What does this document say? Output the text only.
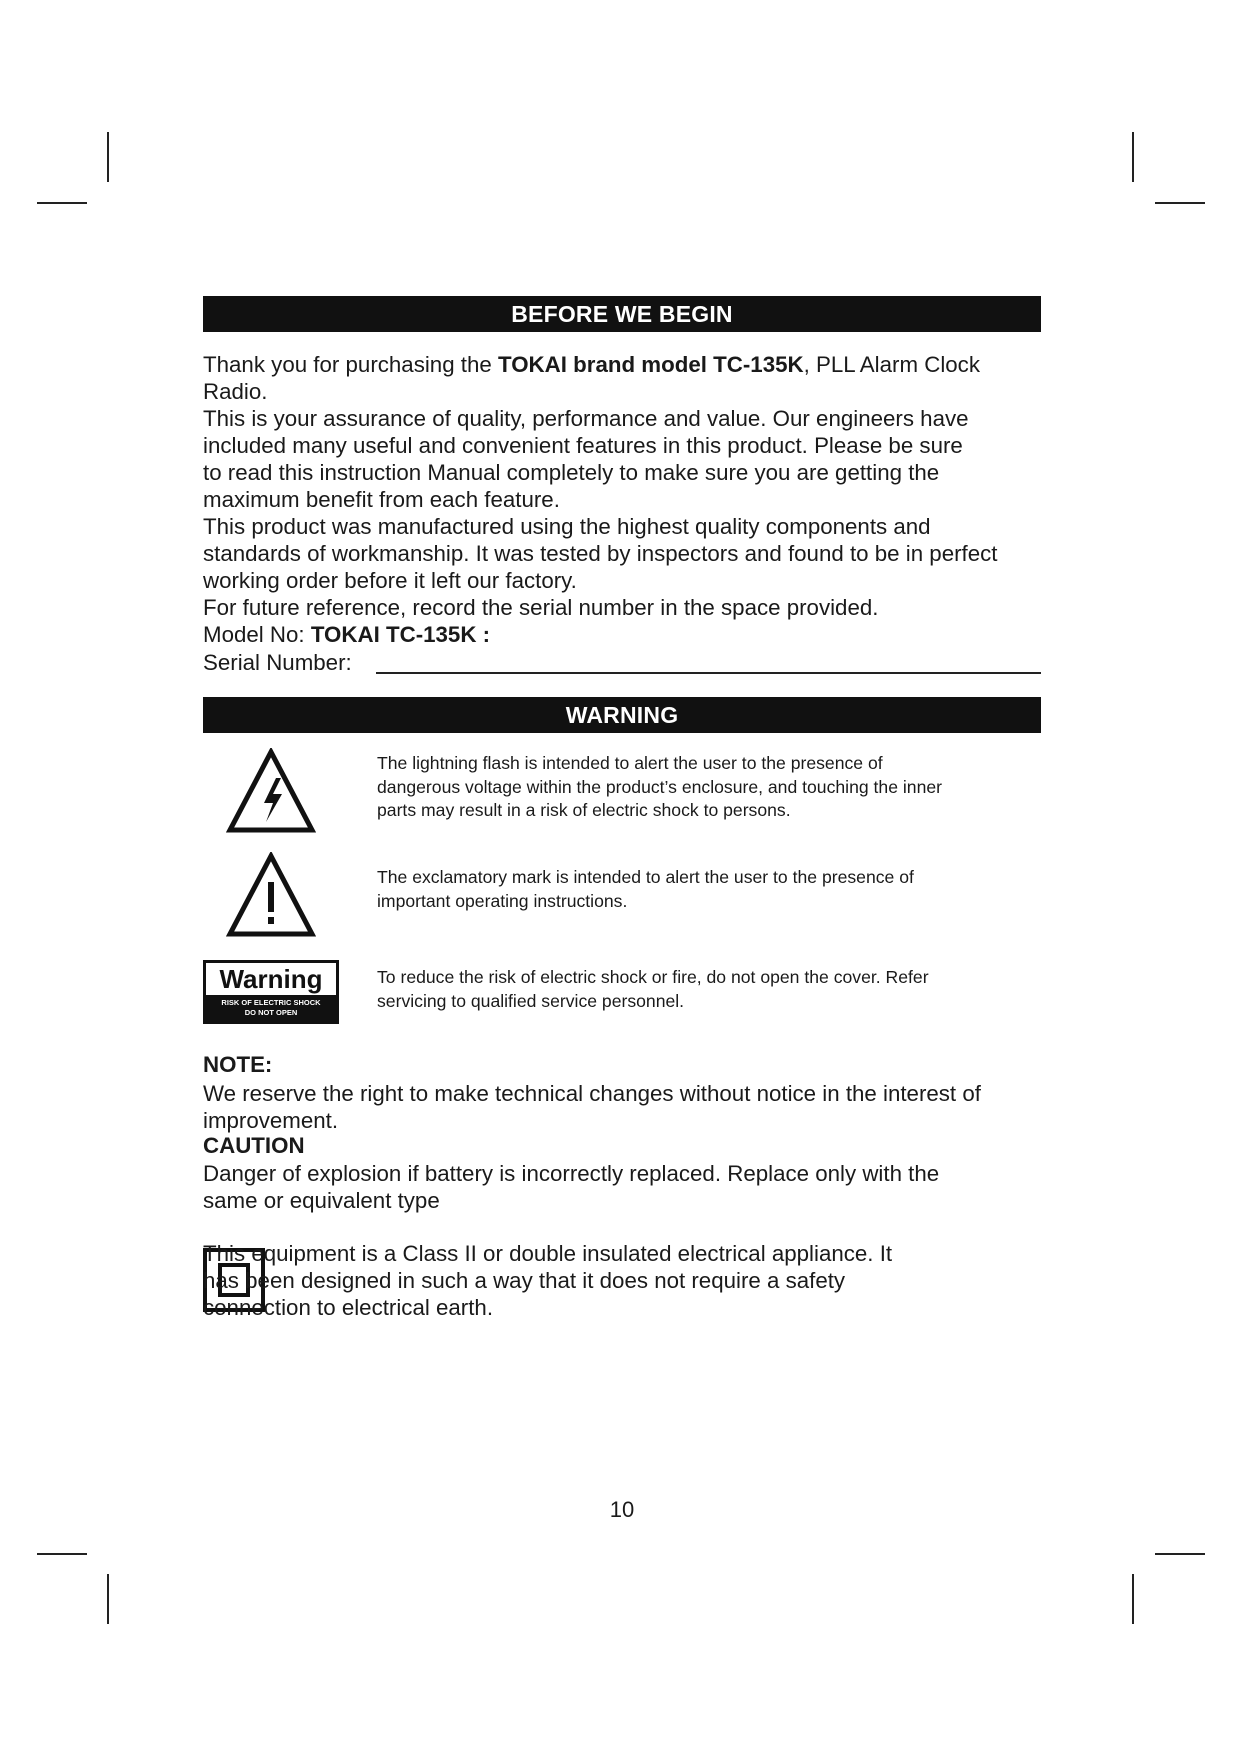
BEFORE WE BEGIN
Thank you for purchasing the TOKAI brand model TC-135K, PLL Alarm Clock
Radio.
This is your assurance of quality, performance and value. Our engineers have
included many useful and convenient features in this product. Please be sure
to read this instruction Manual completely to make sure you are getting the
maximum benefit from each feature.
This product was manufactured using the highest quality components and
standards of workmanship. It was tested by inspectors and found to be in perfect
working order before it left our factory.
For future reference, record the serial number in the space provided.
Model No: TOKAI TC-135K :
Serial Number:
WARNING
The lightning flash is intended to alert the user to the presence of
dangerous voltage within the product’s enclosure, and touching the inner
parts may result in a risk of electric shock to persons.
The exclamatory mark is intended to alert the user to the presence of
important operating instructions.
Warning
RISK OF ELECTRIC SHOCK
DO NOT OPEN
To reduce the risk of electric shock or fire, do not open the cover. Refer
servicing to qualified service personnel.
NOTE:
We reserve the right to make technical changes without notice in the interest of
improvement.
CAUTION
Danger of explosion if battery is incorrectly replaced. Replace only with the
same or equivalent type
This equipment is a Class II or double insulated electrical appliance. It
has been designed in such a way that it does not require a safety
connection to electrical earth.
10
